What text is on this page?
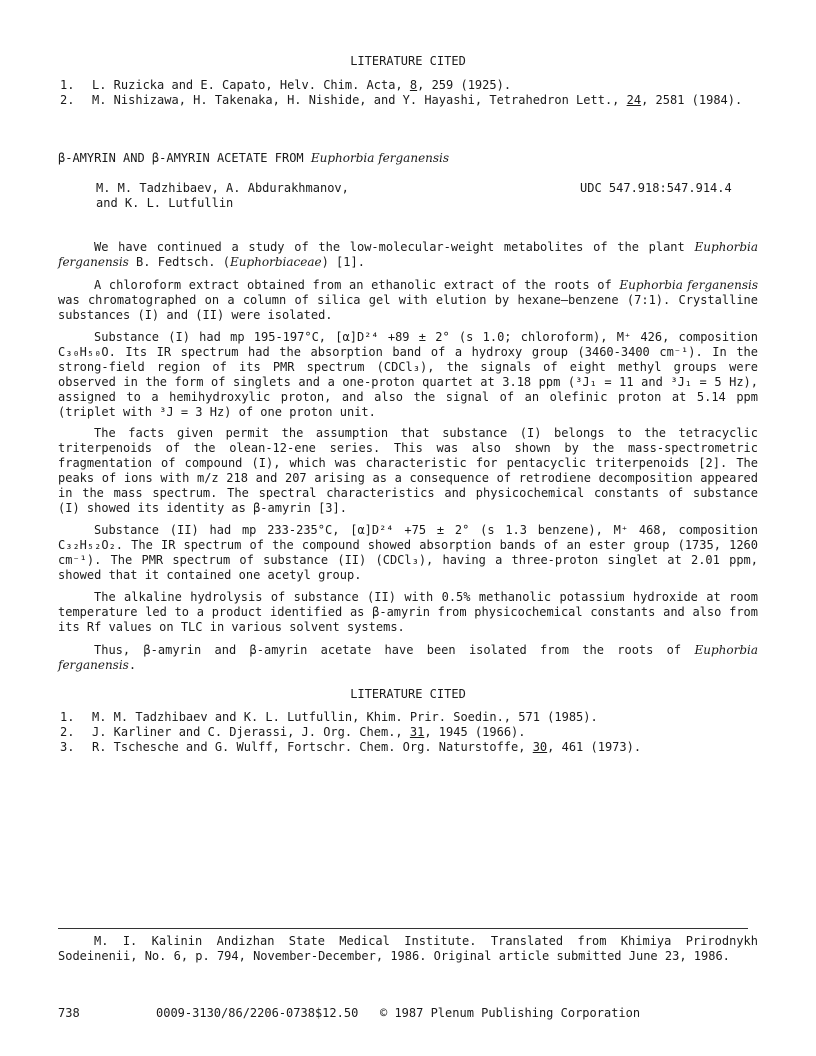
LITERATURE CITED
1. L. Ruzicka and E. Capato, Helv. Chim. Acta, 8, 259 (1925).
2. M. Nishizawa, H. Takenaka, H. Nishide, and Y. Hayashi, Tetrahedron Lett., 24, 2581 (1984).
β-AMYRIN AND β-AMYRIN ACETATE FROM Euphorbia ferganensis
M. M. Tadzhibaev, A. Abdurakhmanov,
and K. L. Lutfullin
UDC 547.918:547.914.4
We have continued a study of the low-molecular-weight metabolites of the plant Euphorbia ferganensis B. Fedtsch. (Euphorbiaceae) [1].
A chloroform extract obtained from an ethanolic extract of the roots of Euphorbia ferganensis was chromatographed on a column of silica gel with elution by hexane–benzene (7:1). Crystalline substances (I) and (II) were isolated.
Substance (I) had mp 195-197°C, [α]D²⁴ +89 ± 2° (s 1.0; chloroform), M⁺ 426, composition C₃₀H₅₀O. Its IR spectrum had the absorption band of a hydroxy group (3460-3400 cm⁻¹). In the strong-field region of its PMR spectrum (CDCl₃), the signals of eight methyl groups were observed in the form of singlets and a one-proton quartet at 3.18 ppm (³J₁ = 11 and ³J₁ = 5 Hz), assigned to a hemihydroxylic proton, and also the signal of an olefinic proton at 5.14 ppm (triplet with ³J = 3 Hz) of one proton unit.
The facts given permit the assumption that substance (I) belongs to the tetracyclic triterpenoids of the olean-12-ene series. This was also shown by the mass-spectrometric fragmentation of compound (I), which was characteristic for pentacyclic triterpenoids [2]. The peaks of ions with m/z 218 and 207 arising as a consequence of retrodiene decomposition appeared in the mass spectrum. The spectral characteristics and physicochemical constants of substance (I) showed its identity as β-amyrin [3].
Substance (II) had mp 233-235°C, [α]D²⁴ +75 ± 2° (s 1.3 benzene), M⁺ 468, composition C₃₂H₅₂O₂. The IR spectrum of the compound showed absorption bands of an ester group (1735, 1260 cm⁻¹). The PMR spectrum of substance (II) (CDCl₃), having a three-proton singlet at 2.01 ppm, showed that it contained one acetyl group.
The alkaline hydrolysis of substance (II) with 0.5% methanolic potassium hydroxide at room temperature led to a product identified as β-amyrin from physicochemical constants and also from its Rf values on TLC in various solvent systems.
Thus, β-amyrin and β-amyrin acetate have been isolated from the roots of Euphorbia ferganensis.
LITERATURE CITED
1. M. M. Tadzhibaev and K. L. Lutfullin, Khim. Prir. Soedin., 571 (1985).
2. J. Karliner and C. Djerassi, J. Org. Chem., 31, 1945 (1966).
3. R. Tschesche and G. Wulff, Fortschr. Chem. Org. Naturstoffe, 30, 461 (1973).
M. I. Kalinin Andizhan State Medical Institute. Translated from Khimiya Prirodnykh Sodeinenii, No. 6, p. 794, November-December, 1986. Original article submitted June 23, 1986.
738	0009-3130/86/2206-0738$12.50 © 1987 Plenum Publishing Corporation
